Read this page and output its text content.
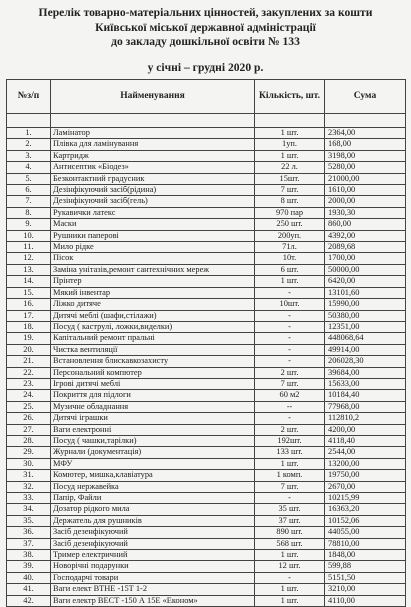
Перелік товарно-матеріальних цінностей, закуплених за кошти
Київської міської державної адміністрації
до закладу дошкільної освіти № 133
у січні – грудні 2020 р.
№з/п	Найменування	Кількість, шт.	Сума

1.	Ламінатор	1 шт.	2364,00
2.	Плівка для ламінування	1уп.	168,00
3.	Картридж	1 шт.	3198,00
4.	Антисептик «Біодез»	22 л.	5280,00
5.	Безконтактний градусник	15шт.	21000,00
6.	Дезінфікуючий засіб(рідина)	7 шт.	1610,00
7.	Дезінфікуючий засіб(гель)	8 шт.	2000,00
8.	Рукавички латекс	970 пар	1930,30
9.	Маски	250 шт.	860,00
10.	Рушники паперові	200уп.	4392,00
11.	Мило рідке	71л.	2089,68
12.	Пісок	10т.	1700,00
13.	Заміна унітазів,ремонт сантехнічних мереж	6 шт.	50000,00
14.	Прінтер	1 шт.	6420,00
15.	Мякий інвентар	-	13101,60
16.	Ліжко дитяче	10шт.	15990,00
17.	Дитячі меблі (шафи,стілажи)	-	50380,00
18.	Посуд ( каструлі, ложки,виделки)	-	12351,00
19.	Капітальний ремонт пральні	-	448068,64
20.	Чистка вентиляції	-	49914,00
21.	Встановлення блискавкозахисту	-	206028,30
22.	Персональний компютер	2 шт.	39684,00
23.	Ігрові дитячі меблі	7 шт.	15633,00
24.	Покриття для підлоги	60 м2	10184,40
25.	Музичне обладнання	--	77968,00
26.	Дитячі іграшки	-	112810,2
27.	Ваги електронні	2 шт.	4200,00
28.	Посуд ( чашки,тарілки)	192шт.	4118,40
29.	Журнали (документація)	133 шт.	2544,00
30.	МФУ	1 шт.	13200,00
31.	Комютер, мишка,клавіатура	1 комп.	19750,00
32.	Посуд нержавейка	7 шт.	2670,00
33.	Папір, Файли	-	10215,99
34.	Дозатор рідкого мила	35 шт.	16363,20
35.	Держатель для рушників	37 шт.	10152,06
36.	Засіб дезенфікуючий	890 шт.	44055,00
37.	Засіб дезенфікуючий	568 шт.	78810,00
38.	Тример електричний	1 шт.	1848,00
39.	Новорічні подарунки	12 шт.	599,88
40.	Господарчі товари	-	5151,50
41.	Ваги елект ВТНЕ -15Т 1-2	1 шт.	3210,00
42.	Ваги електр ВЕСТ -150 А 15Е «Економ»	1 шт.	4110,00
